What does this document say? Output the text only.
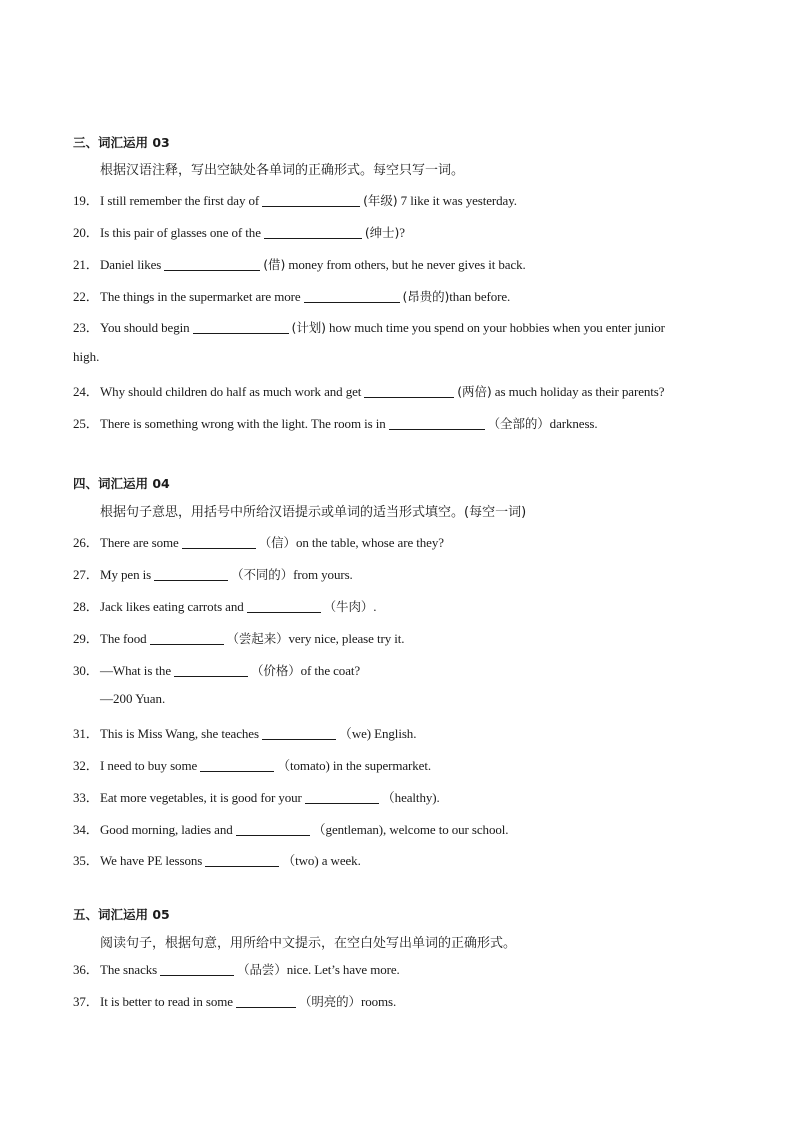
三、词汇运用 03
根据汉语注释，写出空缺处各单词的正确形式。每空只写一词。
19．I still remember the first day of	(年级) 7 like it was yesterday.
20．Is this pair of glasses one of the	(绅士)?
21．Daniel likes	(借) money from others, but he never gives it back.
22．The things in the supermarket are more	(昂贵的)than before.
23．You should begin	(计划) how much time you spend on your hobbies when you enter junior
high.
24．Why should children do half as much work and get	(两倍) as much holiday as their parents?
25．There is something wrong with the light. The room is in	（全部的）darkness.
四、词汇运用 04
根据句子意思，用括号中所给汉语提示或单词的适当形式填空。(每空一词)
26．There are some	（信）on the table, whose are they?
27．My pen is	（不同的）from yours.
28．Jack likes eating carrots and	（牛肉）.
29．The food	（尝起来）very nice, please try it.
30．—What is the	（价格）of the coat?
—200 Yuan.
31．This is Miss Wang, she teaches	（we) English.
32．I need to buy some	（tomato) in the supermarket.
33．Eat more vegetables, it is good for your	（healthy).
34．Good morning, ladies and	（gentleman), welcome to our school.
35．We have PE lessons	（two) a week.
五、词汇运用 05
阅读句子，根据句意，用所给中文提示，在空白处写出单词的正确形式。
36．The snacks	（品尝）nice. Let’s have more.
37．It is better to read in some	（明亮的）rooms.
